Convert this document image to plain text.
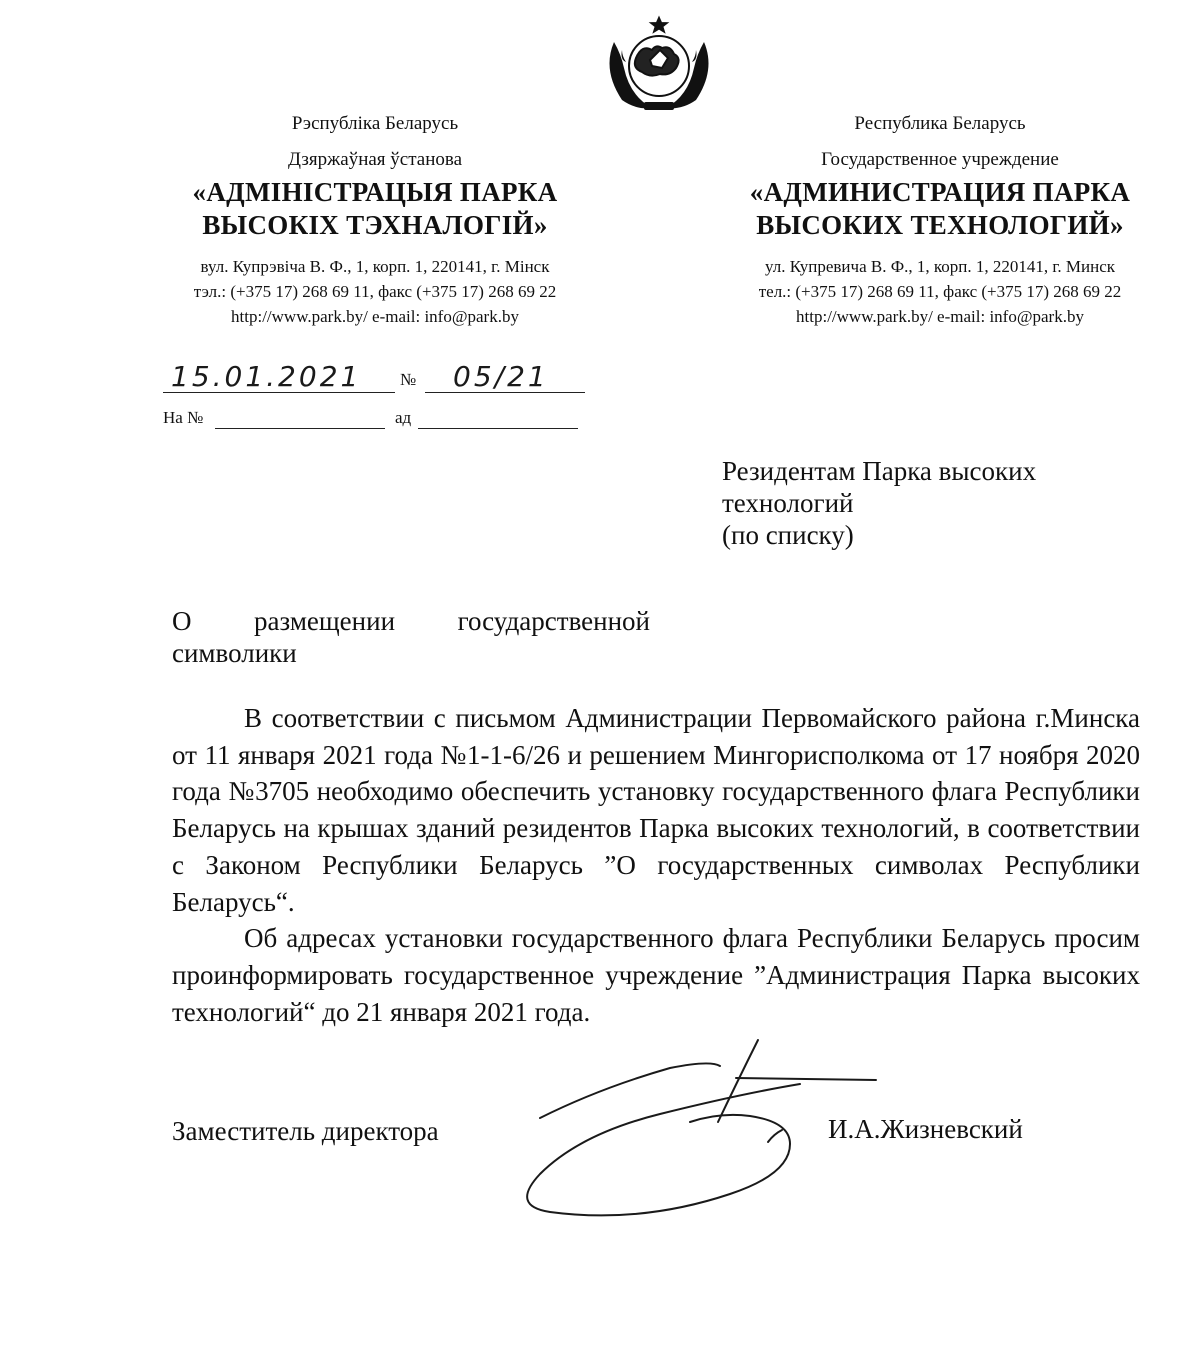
Рэспубліка Беларусь
Дзяржаўная ўстанова
«АДМІНІСТРАЦЫЯ ПАРКА
ВЫСОКІХ ТЭХНАЛОГІЙ»
вул. Купрэвіча В. Ф., 1, корп. 1, 220141, г. Мінск
тэл.: (+375 17) 268 69 11, факс (+375 17) 268 69 22
http://www.park.by/ e-mail: info@park.by
Республика Беларусь
Государственное учреждение
«АДМИНИСТРАЦИЯ ПАРКА
ВЫСОКИХ ТЕХНОЛОГИЙ»
ул. Купревича В. Ф., 1, корп. 1, 220141, г. Минск
тел.: (+375 17) 268 69 11, факс (+375 17) 268 69 22
http://www.park.by/ e-mail: info@park.by
15.01.2021	№ 05/21
На №	ад
Резидентам Парка высоких
технологий
(по списку)
О размещении государственной символики

В соответствии с письмом Администрации Первомайского района г.Минска от 11 января 2021 года №1-1-6/26 и решением Мингорисполкома от 17 ноября 2020 года №3705 необходимо обеспечить установку государственного флага Республики Беларусь на крышах зданий резидентов Парка высоких технологий, в соответствии с Законом Республики Беларусь ”О государственных символах Республики Беларусь“.

Об адресах установки государственного флага Республики Беларусь просим проинформировать государственное учреждение ”Администрация Парка высоких технологий“ до 21 января 2021 года.

Заместитель директора	И.А.Жизневский
